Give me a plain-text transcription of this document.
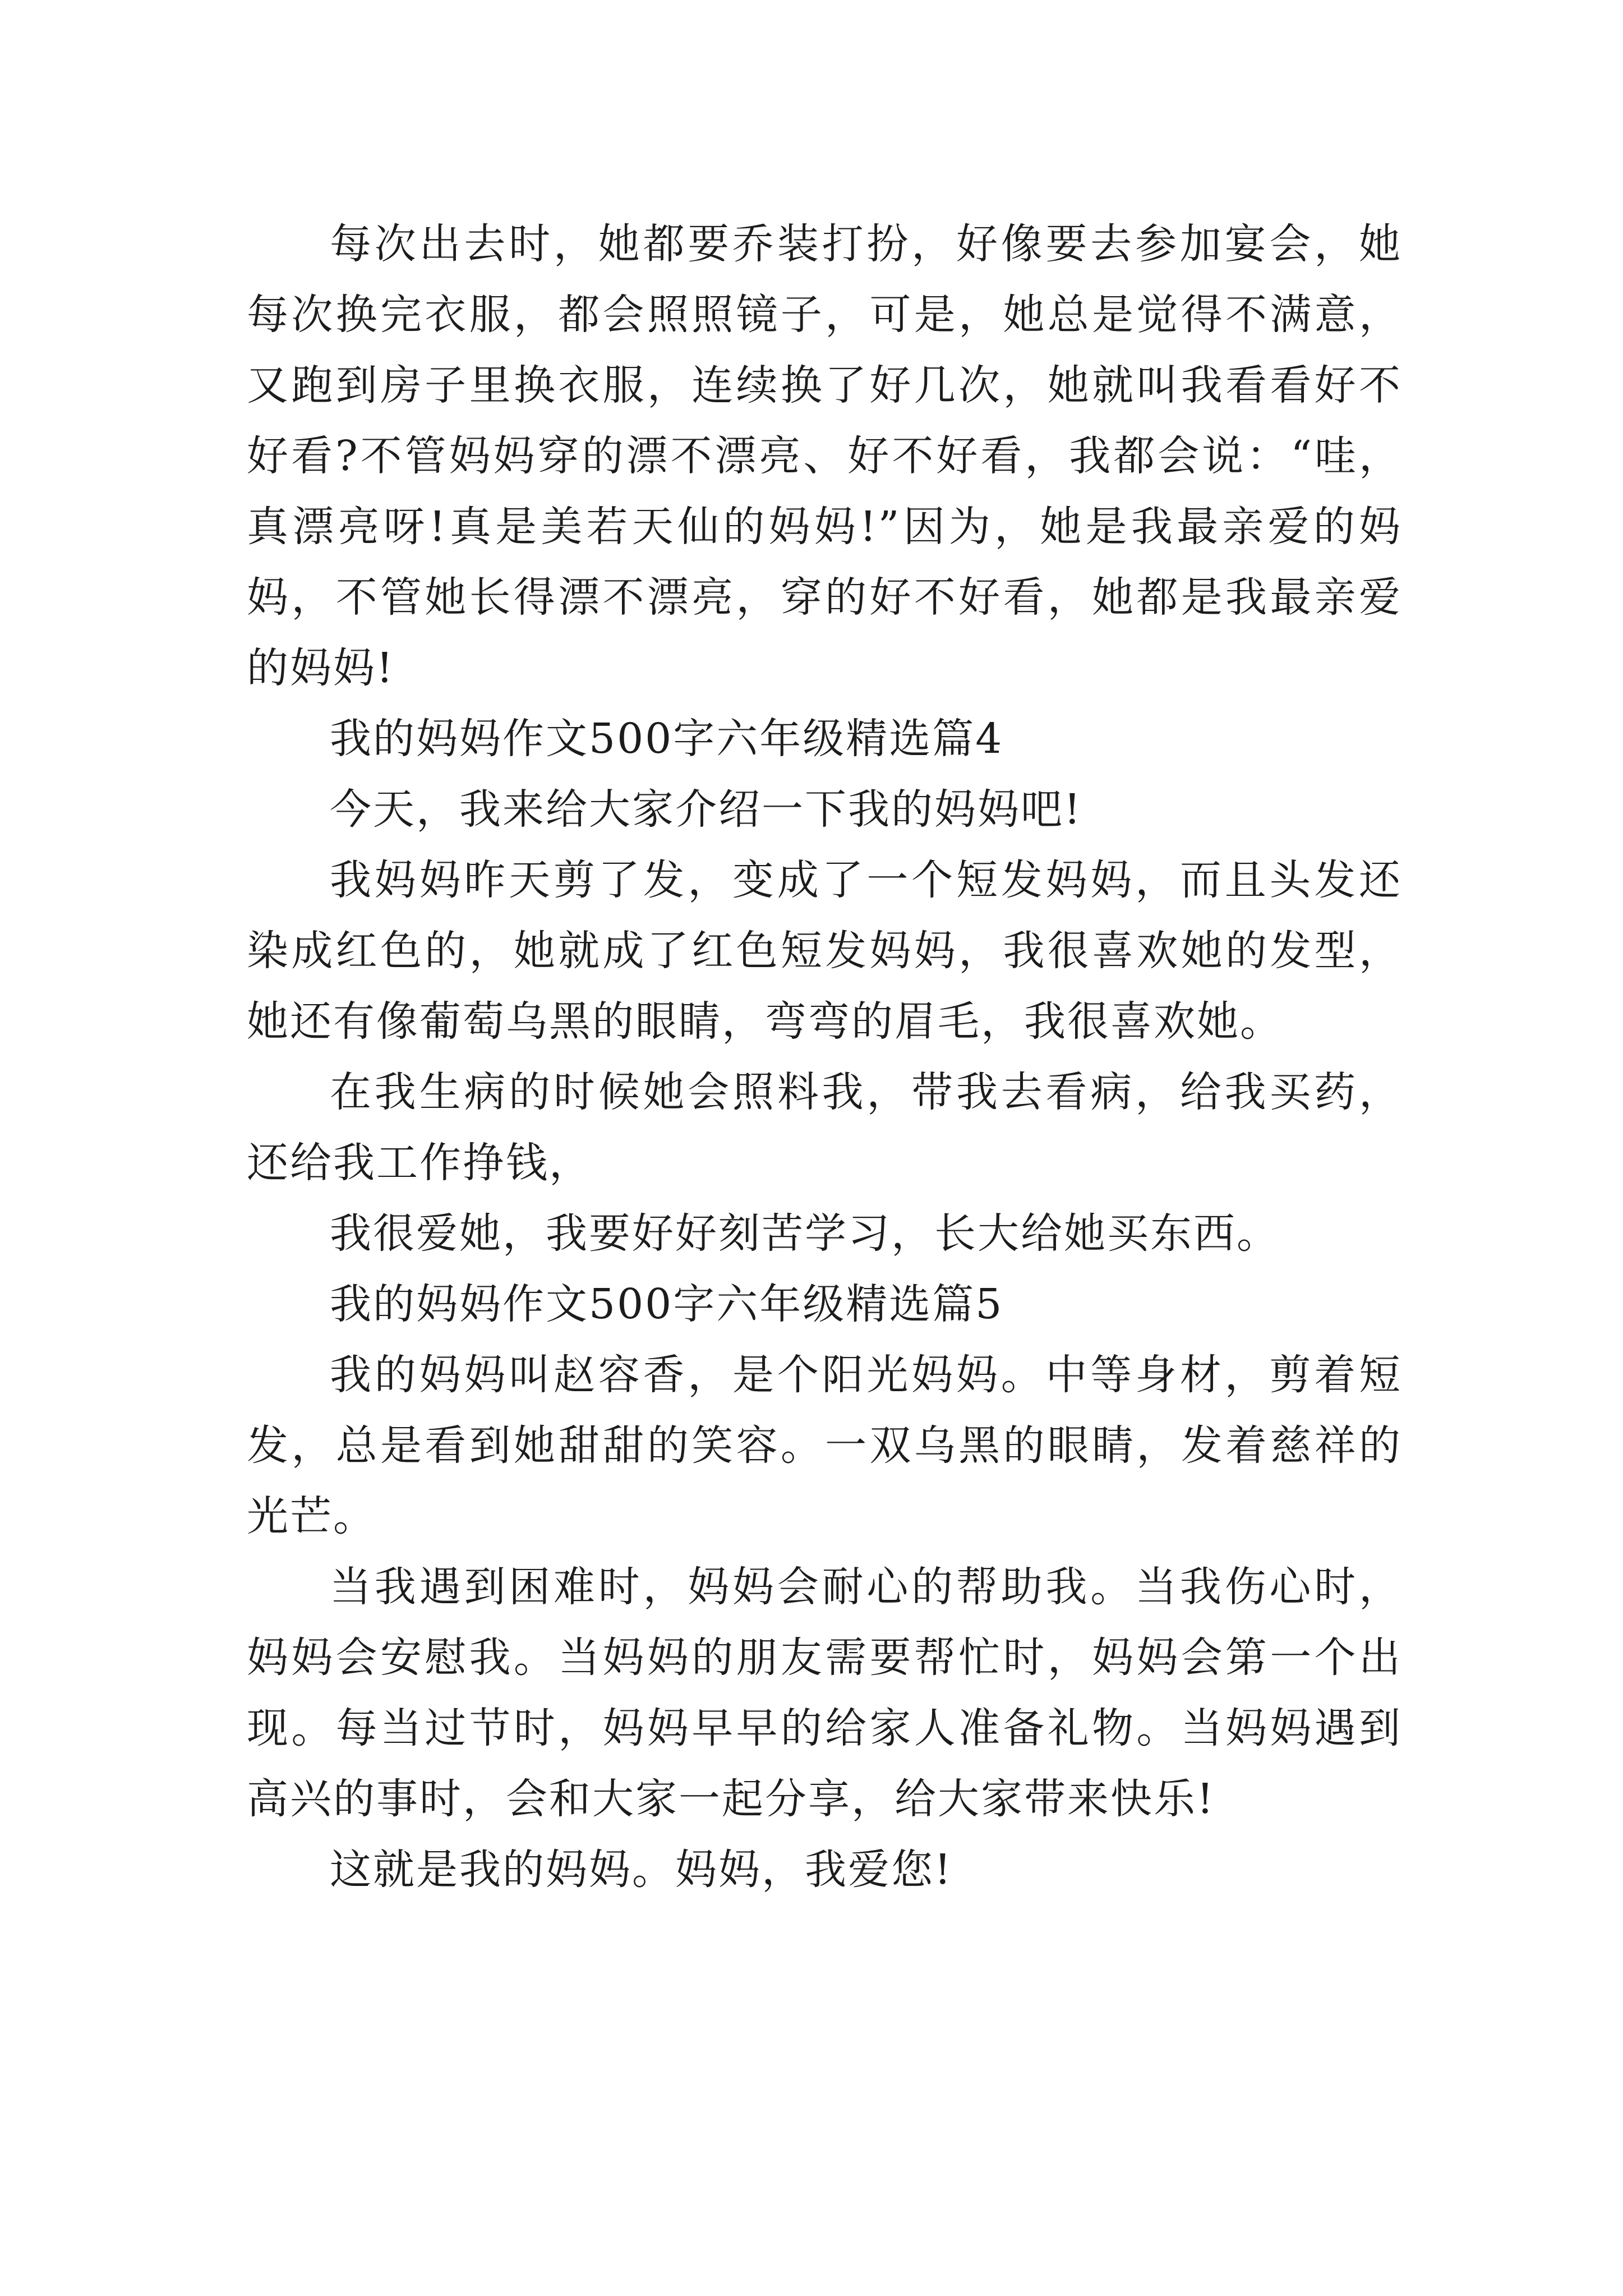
每次出去时，她都要乔装打扮，好像要去参加宴会，她每次换完衣服，都会照照镜子，可是，她总是觉得不满意，又跑到房子里换衣服，连续换了好几次，她就叫我看看好不好看?不管妈妈穿的漂不漂亮、好不好看，我都会说：“哇，真漂亮呀!真是美若天仙的妈妈!”因为，她是我最亲爱的妈妈，不管她长得漂不漂亮，穿的好不好看，她都是我最亲爱的妈妈!

我的妈妈作文500字六年级精选篇4

今天，我来给大家介绍一下我的妈妈吧!

我妈妈昨天剪了发，变成了一个短发妈妈，而且头发还染成红色的，她就成了红色短发妈妈，我很喜欢她的发型，她还有像葡萄乌黑的眼睛，弯弯的眉毛，我很喜欢她。

在我生病的时候她会照料我，带我去看病，给我买药，还给我工作挣钱，

我很爱她，我要好好刻苦学习，长大给她买东西。

我的妈妈作文500字六年级精选篇5

我的妈妈叫赵容香，是个阳光妈妈。中等身材，剪着短发，总是看到她甜甜的笑容。一双乌黑的眼睛，发着慈祥的光芒。

当我遇到困难时，妈妈会耐心的帮助我。当我伤心时，妈妈会安慰我。当妈妈的朋友需要帮忙时，妈妈会第一个出现。每当过节时，妈妈早早的给家人准备礼物。当妈妈遇到高兴的事时，会和大家一起分享，给大家带来快乐!

这就是我的妈妈。妈妈，我爱您!
